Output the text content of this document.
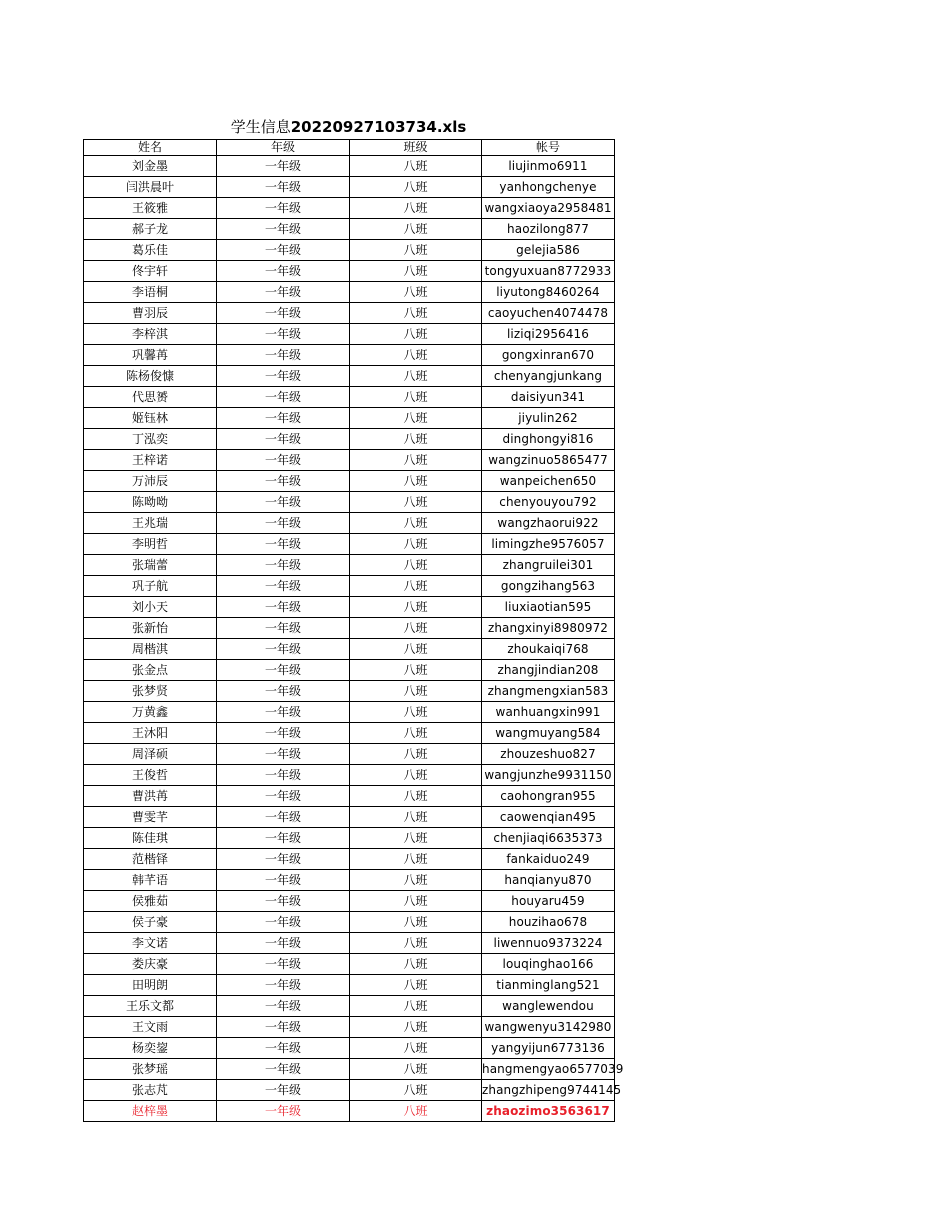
学生信息20220927103734.xls
姓名	年级	班级	帐号
刘金墨	一年级	八班	liujinmo6911
闫洪晨叶	一年级	八班	yanhongchenye
王筱雅	一年级	八班	wangxiaoya2958481
郝子龙	一年级	八班	haozilong877
葛乐佳	一年级	八班	gelejia586
佟宇轩	一年级	八班	tongyuxuan8772933
李语桐	一年级	八班	liyutong8460264
曹羽辰	一年级	八班	caoyuchen4074478
李梓淇	一年级	八班	liziqi2956416
巩馨苒	一年级	八班	gongxinran670
陈杨俊慷	一年级	八班	chenyangjunkang
代思赟	一年级	八班	daisiyun341
姬钰林	一年级	八班	jiyulin262
丁泓奕	一年级	八班	dinghongyi816
王梓诺	一年级	八班	wangzinuo5865477
万沛辰	一年级	八班	wanpeichen650
陈呦呦	一年级	八班	chenyouyou792
王兆瑞	一年级	八班	wangzhaorui922
李明哲	一年级	八班	limingzhe9576057
张瑞蕾	一年级	八班	zhangruilei301
巩子航	一年级	八班	gongzihang563
刘小天	一年级	八班	liuxiaotian595
张新怡	一年级	八班	zhangxinyi8980972
周楷淇	一年级	八班	zhoukaiqi768
张金点	一年级	八班	zhangjindian208
张梦贤	一年级	八班	zhangmengxian583
万黄鑫	一年级	八班	wanhuangxin991
王沐阳	一年级	八班	wangmuyang584
周泽硕	一年级	八班	zhouzeshuo827
王俊哲	一年级	八班	wangjunzhe9931150
曹洪苒	一年级	八班	caohongran955
曹雯芊	一年级	八班	caowenqian495
陈佳琪	一年级	八班	chenjiaqi6635373
范楷铎	一年级	八班	fankaiduo249
韩芊语	一年级	八班	hanqianyu870
侯雅茹	一年级	八班	houyaru459
侯子豪	一年级	八班	houzihao678
李文诺	一年级	八班	liwennuo9373224
娄庆豪	一年级	八班	louqinghao166
田明朗	一年级	八班	tianminglang521
王乐文都	一年级	八班	wanglewendou
王文雨	一年级	八班	wangwenyu3142980
杨奕鋆	一年级	八班	yangyijun6773136
张梦瑶	一年级	八班	hangmengyao6577039
张志芃	一年级	八班	zhangzhipeng9744145
赵梓墨	一年级	八班	zhaozimo3563617
